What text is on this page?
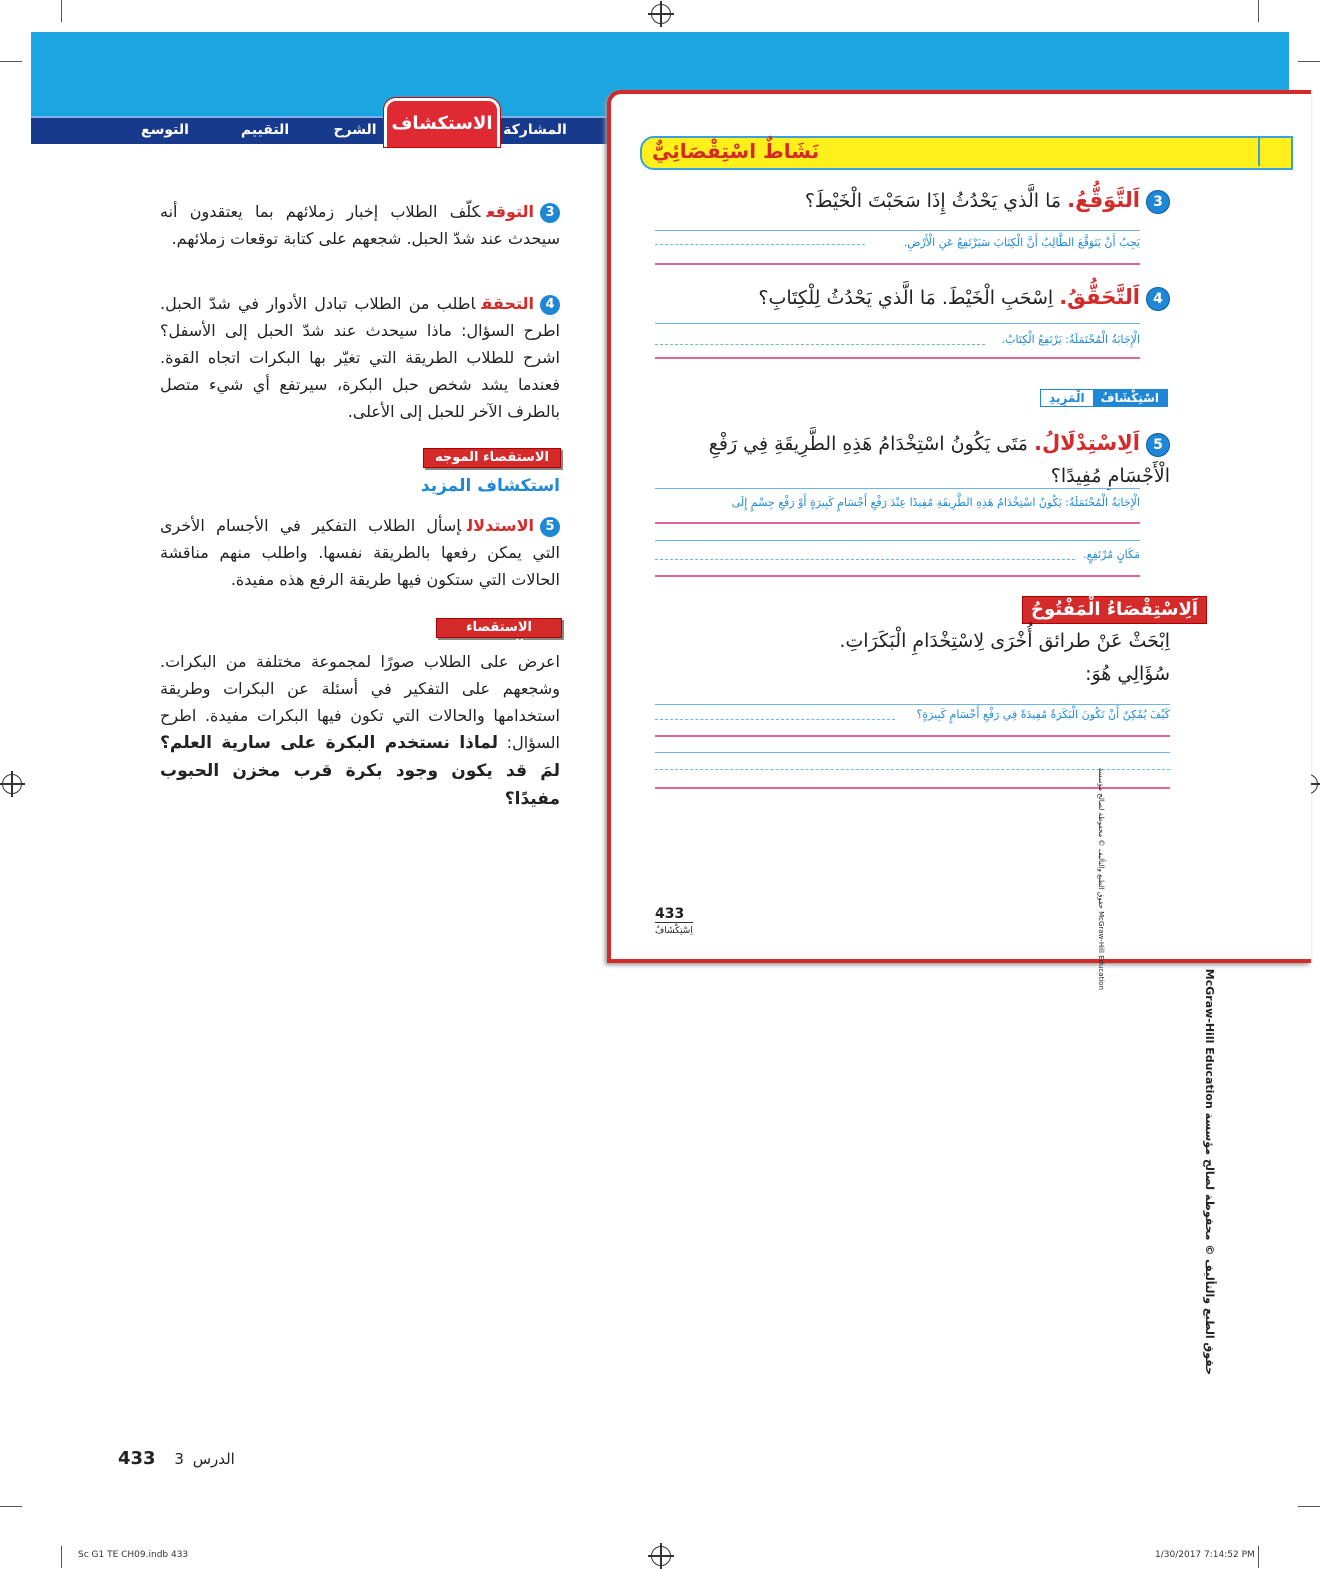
المشاركة
الاستكشاف
الشرح
التقييم
التوسع
3التوقعكلّف الطلاب إخبار زملائهم بما يعتقدون أنه سيحدث عند شدّ الحبل. شجعهم على كتابة توقعات زملائهم.
4التحققاطلب من الطلاب تبادل الأدوار في شدّ الحبل. اطرح السؤال: ماذا سيحدث عند شدّ الحبل إلى الأسفل؟ اشرح للطلاب الطريقة التي تغيّر بها البكرات اتجاه القوة. فعندما يشد شخص حبل البكرة، سيرتفع أي شيء متصل بالطرف الآخر للحبل إلى الأعلى.
الاستقصاء الموجه
استكشاف المزيد
5الاستدلالإسأل الطلاب التفكير في الأجسام الأخرى التي يمكن رفعها بالطريقة نفسها. واطلب منهم مناقشة الحالات التي ستكون فيها طريقة الرفع هذه مفيدة.
الاستقصاء المفتوح
اعرض على الطلاب صورًا لمجموعة مختلفة من البكرات. وشجعهم على التفكير في أسئلة عن البكرات وطريقة استخدامها والحالات التي تكون فيها البكرات مفيدة. اطرح السؤال: لماذا نستخدم البكرة على سارية العلم؟ لمَ قد يكون وجود بكرة قرب مخزن الحبوب مفيدًا؟
الدرس 3 433
نَشَاطٌ اسْتِقْصَائِيٌّ
3اَلتَّوَقُّعُ.مَا الَّذي يَحْدُثُ إِذَا سَحَبْتَ الْخَيْطَ؟
يَجِبُ أَنْ يَتَوَقَّعَ الطَّالِبُ أَنَّ الْكِتَابَ سَيَرْتَفِعُ عَنِ الْأَرْضِ.
4اَلتَّحَقُّقُ.اِسْحَبِ الْخَيْطَ. مَا الَّذي يَحْدُثُ لِلْكِتَابِ؟
الْإِجَابَةُ الْمُحْتَمَلَةُ: يَرْتَفِعُ الْكِتَابُ.
اسْتِكْشَافُالْمَزِيدِ
5اَلِاسْتِدْلَالُ.مَتَى يَكُونُ اسْتِخْدَامُ هَذِهِ الطَّرِيقَةِ فِي رَفْعِ الْأَجْسَامِ مُفِيدًا؟
الْإِجَابَةُ الْمُحْتَمَلَةُ: يَكُونُ اسْتِخْدَامُ هَذِهِ الطَّرِيقَةِ مُفِيدًا عِنْدَ رَفْعِ أَجْسَامٍ كَبِيرَةٍ أَوْ رَفْعِ جِسْمٍ إِلَى
مَكَانٍ مُرْتَفِعٍ.
اَلِاسْتِقْصَاءُ الْمَفْتُوحُ
اِبْحَثْ عَنْ طرائق أُخْرَى لِاسْتِخْدَامِ الْبَكَرَاتِ.
سُؤَالِي هُوَ:
كَيْفَ يُمْكِنُ أَنْ تَكُونَ الْبَكَرَةُ مُفِيدَةً فِي رَفْعِ أَجْسَامٍ كَبِيرَةٍ؟
McGraw-Hill Education حقوق الطبع والتأليف © محفوظة لصالح مؤسسة
433
اِسْتِكْشَافٌ
حقوق الطبع والتأليف © محفوظة لصالح مؤسسة McGraw-Hill Education
Sc G1 TE CH09.indb 433	1/30/2017 7:14:52 PM
